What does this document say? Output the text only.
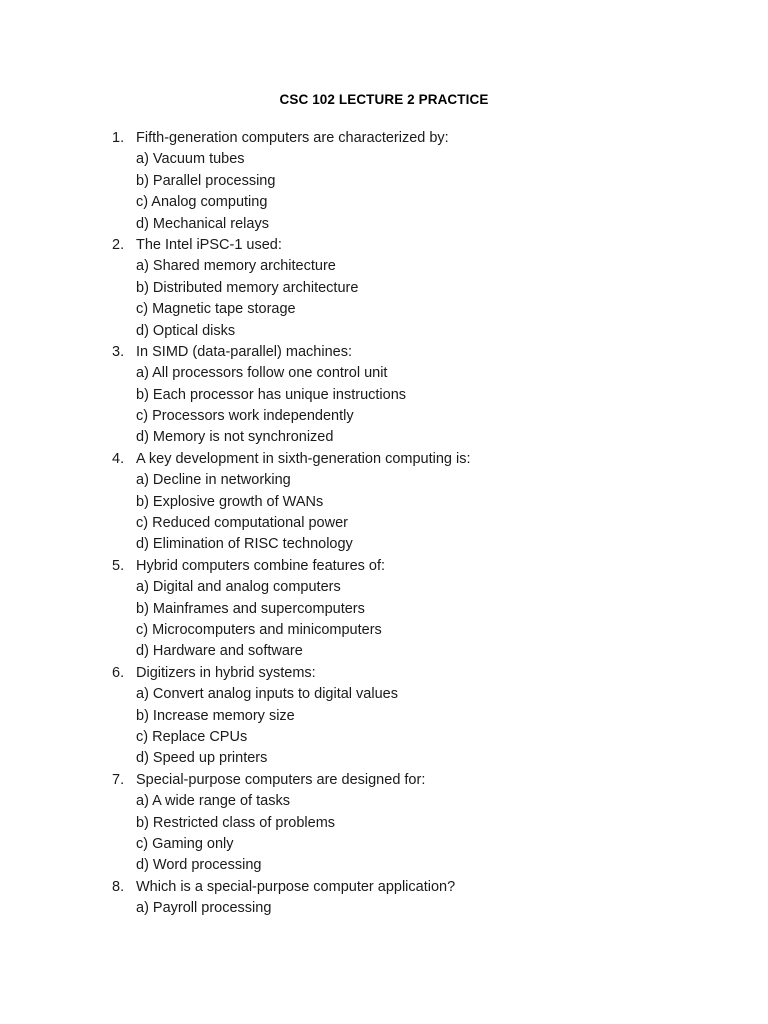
CSC 102 LECTURE 2 PRACTICE
1. Fifth-generation computers are characterized by:
a) Vacuum tubes
b) Parallel processing
c) Analog computing
d) Mechanical relays
2. The Intel iPSC-1 used:
a) Shared memory architecture
b) Distributed memory architecture
c) Magnetic tape storage
d) Optical disks
3. In SIMD (data-parallel) machines:
a) All processors follow one control unit
b) Each processor has unique instructions
c) Processors work independently
d) Memory is not synchronized
4. A key development in sixth-generation computing is:
a) Decline in networking
b) Explosive growth of WANs
c) Reduced computational power
d) Elimination of RISC technology
5. Hybrid computers combine features of:
a) Digital and analog computers
b) Mainframes and supercomputers
c) Microcomputers and minicomputers
d) Hardware and software
6. Digitizers in hybrid systems:
a) Convert analog inputs to digital values
b) Increase memory size
c) Replace CPUs
d) Speed up printers
7. Special-purpose computers are designed for:
a) A wide range of tasks
b) Restricted class of problems
c) Gaming only
d) Word processing
8. Which is a special-purpose computer application?
a) Payroll processing
